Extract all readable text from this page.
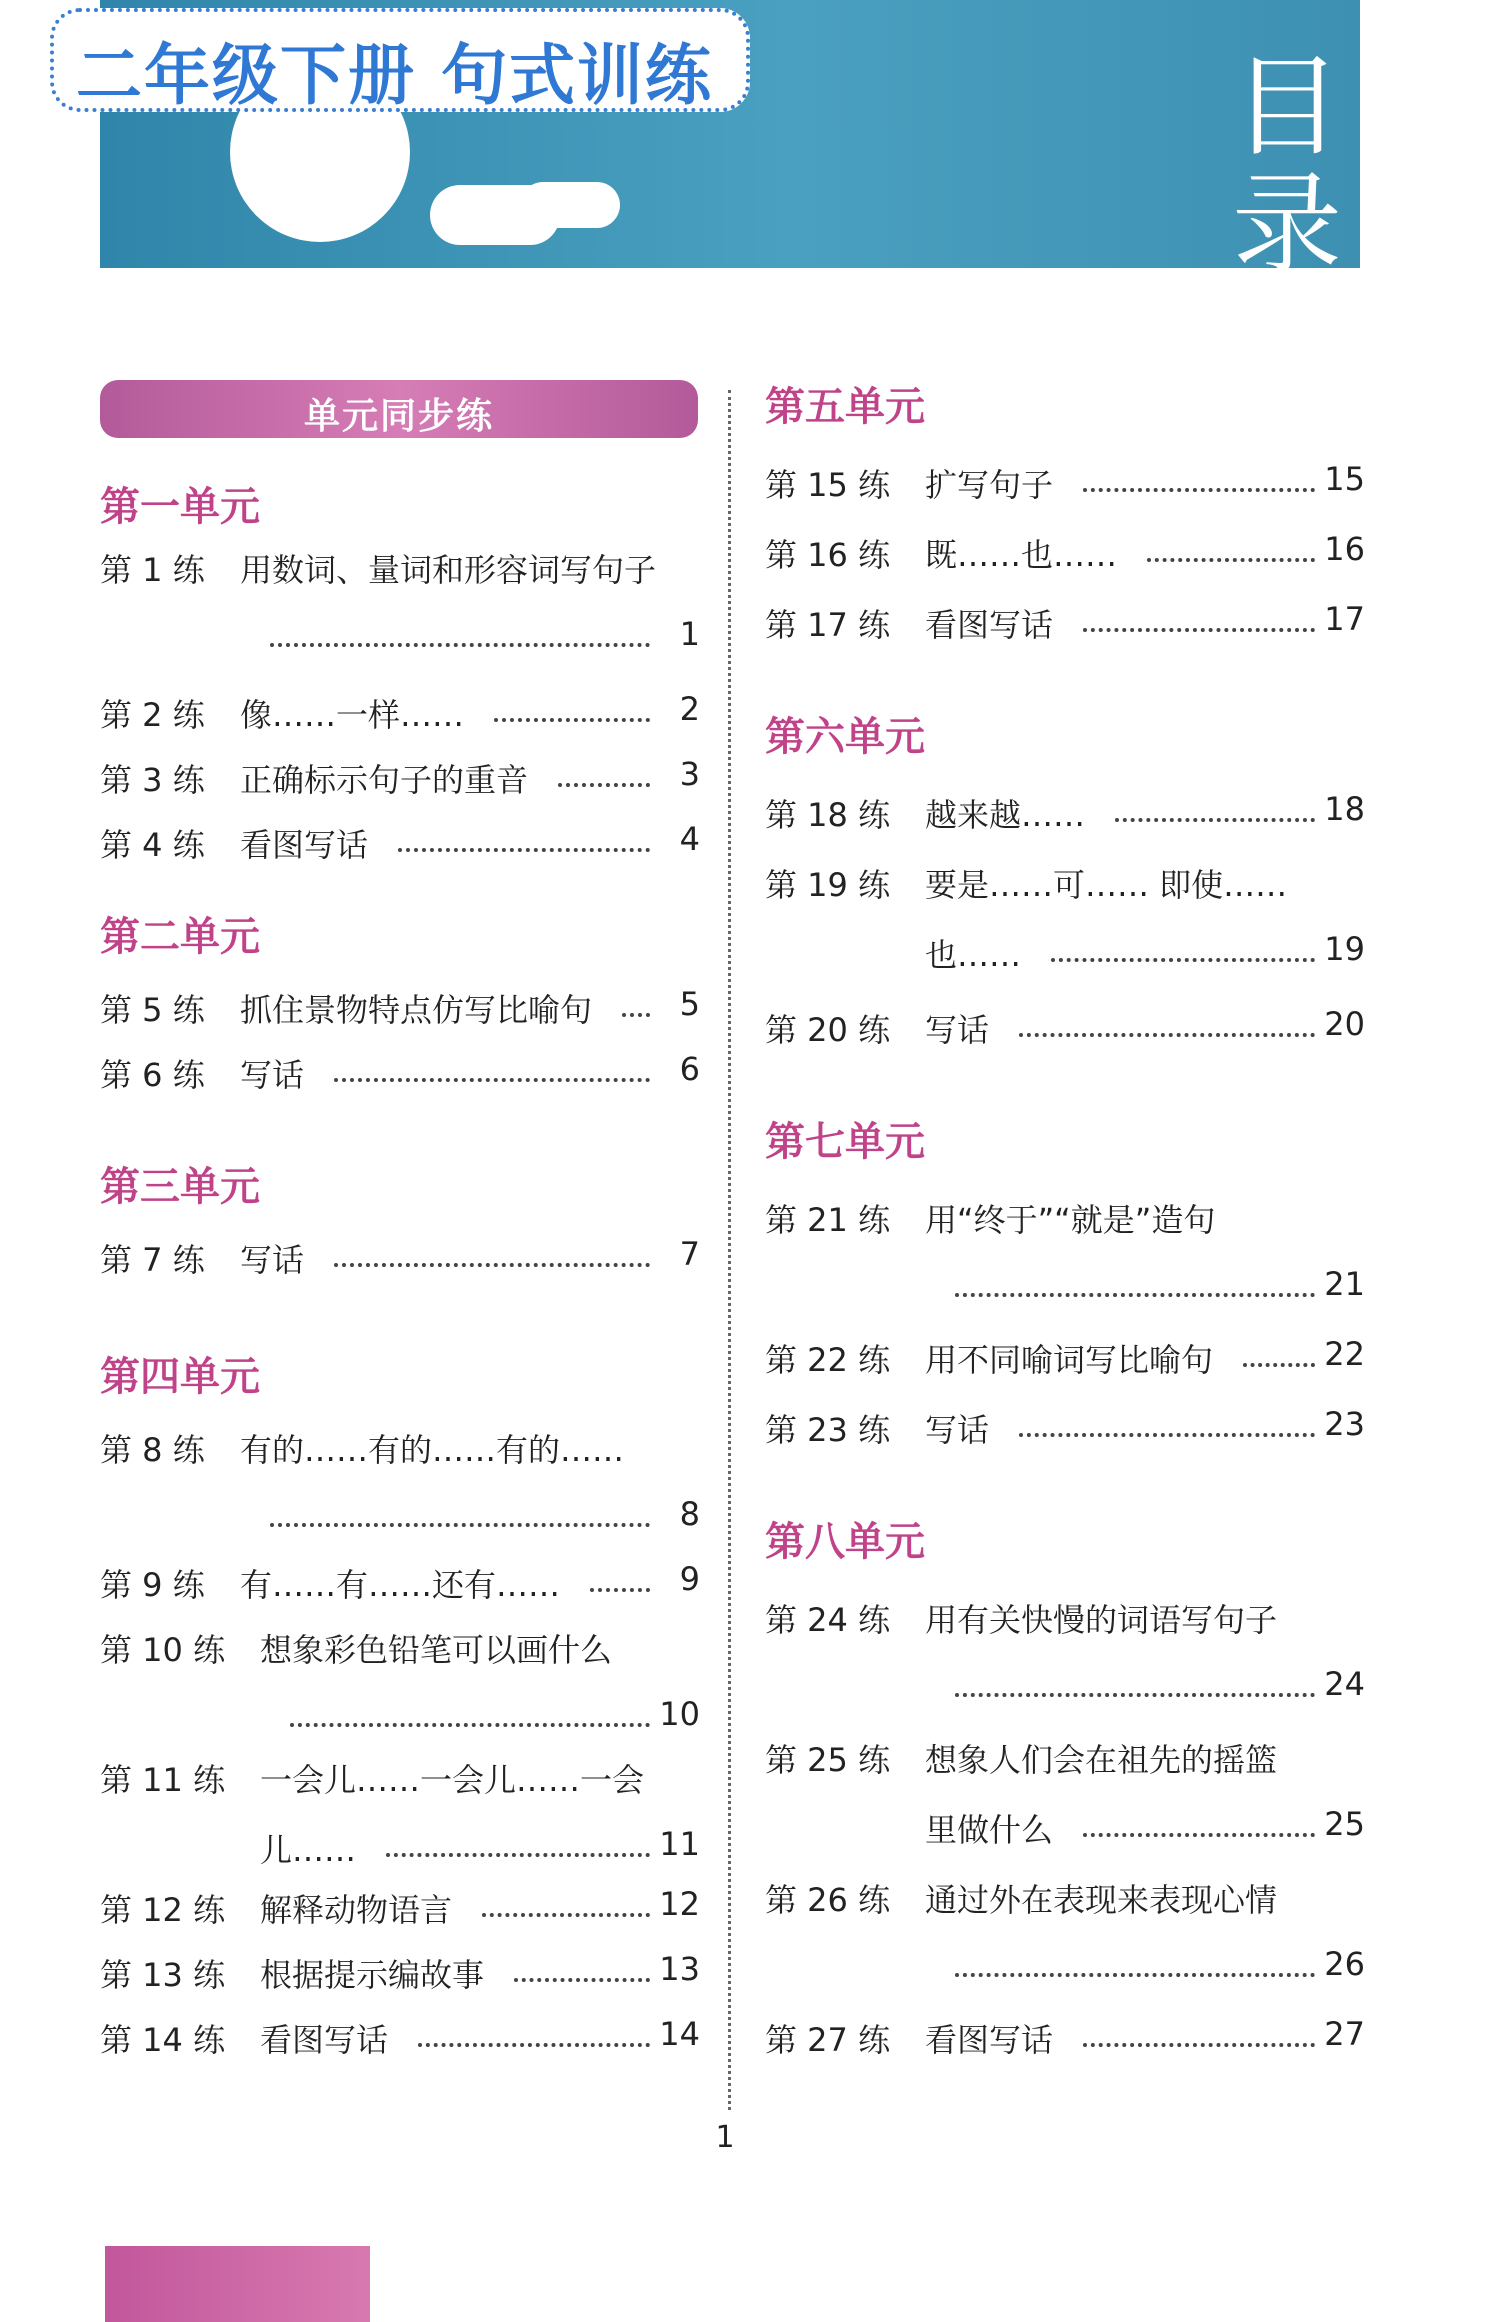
目
录
二年级下册 句式训练
单元同步练
第一单元
第 1 练 用数词、量词和形容词写句子
1
第 2 练 像……一样……	2
第 3 练 正确标示句子的重音	3
第 4 练 看图写话	4
第二单元
第 5 练 抓住景物特点仿写比喻句	5
第 6 练 写话	6
第三单元
第 7 练 写话	7
第四单元
第 8 练 有的……有的……有的……
8
第 9 练 有……有……还有……	9
第 10 练 想象彩色铅笔可以画什么
10
第 11 练 一会儿……一会儿……一会
儿……	11
第 12 练 解释动物语言	12
第 13 练 根据提示编故事	13
第 14 练 看图写话	14
第五单元
第 15 练 扩写句子	15
第 16 练 既……也……	16
第 17 练 看图写话	17
第六单元
第 18 练 越来越……	18
第 19 练 要是……可…… 即使……
也……	19
第 20 练 写话	20
第七单元
第 21 练 用“终于”“就是”造句
21
第 22 练 用不同喻词写比喻句	22
第 23 练 写话	23
第八单元
第 24 练 用有关快慢的词语写句子
24
第 25 练 想象人们会在祖先的摇篮
里做什么	25
第 26 练 通过外在表现来表现心情
26
第 27 练 看图写话	27
1
